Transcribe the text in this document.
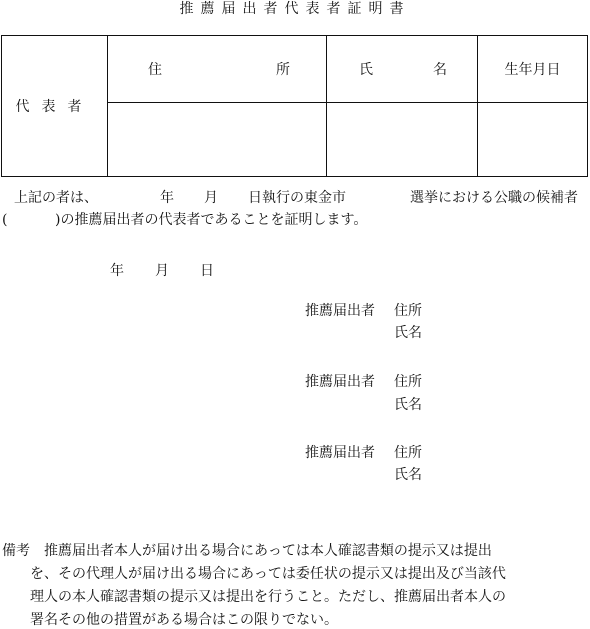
推薦届出者代表者証明書
代表者	住 所	氏 名	生年月日

上記の者は、	年 月 日執行の東金市	選挙における公職の候補者
(	)の推薦届出者の代表者であることを証明します。
年 月 日
推薦届出者 住所
氏名
推薦届出者 住所
氏名
推薦届出者 住所
氏名
備考 推薦届出者本人が届け出る場合にあっては本人確認書類の提示又は提出
を、その代理人が届け出る場合にあっては委任状の提示又は提出及び当該代
理人の本人確認書類の提示又は提出を行うこと。ただし、推薦届出者本人の
署名その他の措置がある場合はこの限りでない。
